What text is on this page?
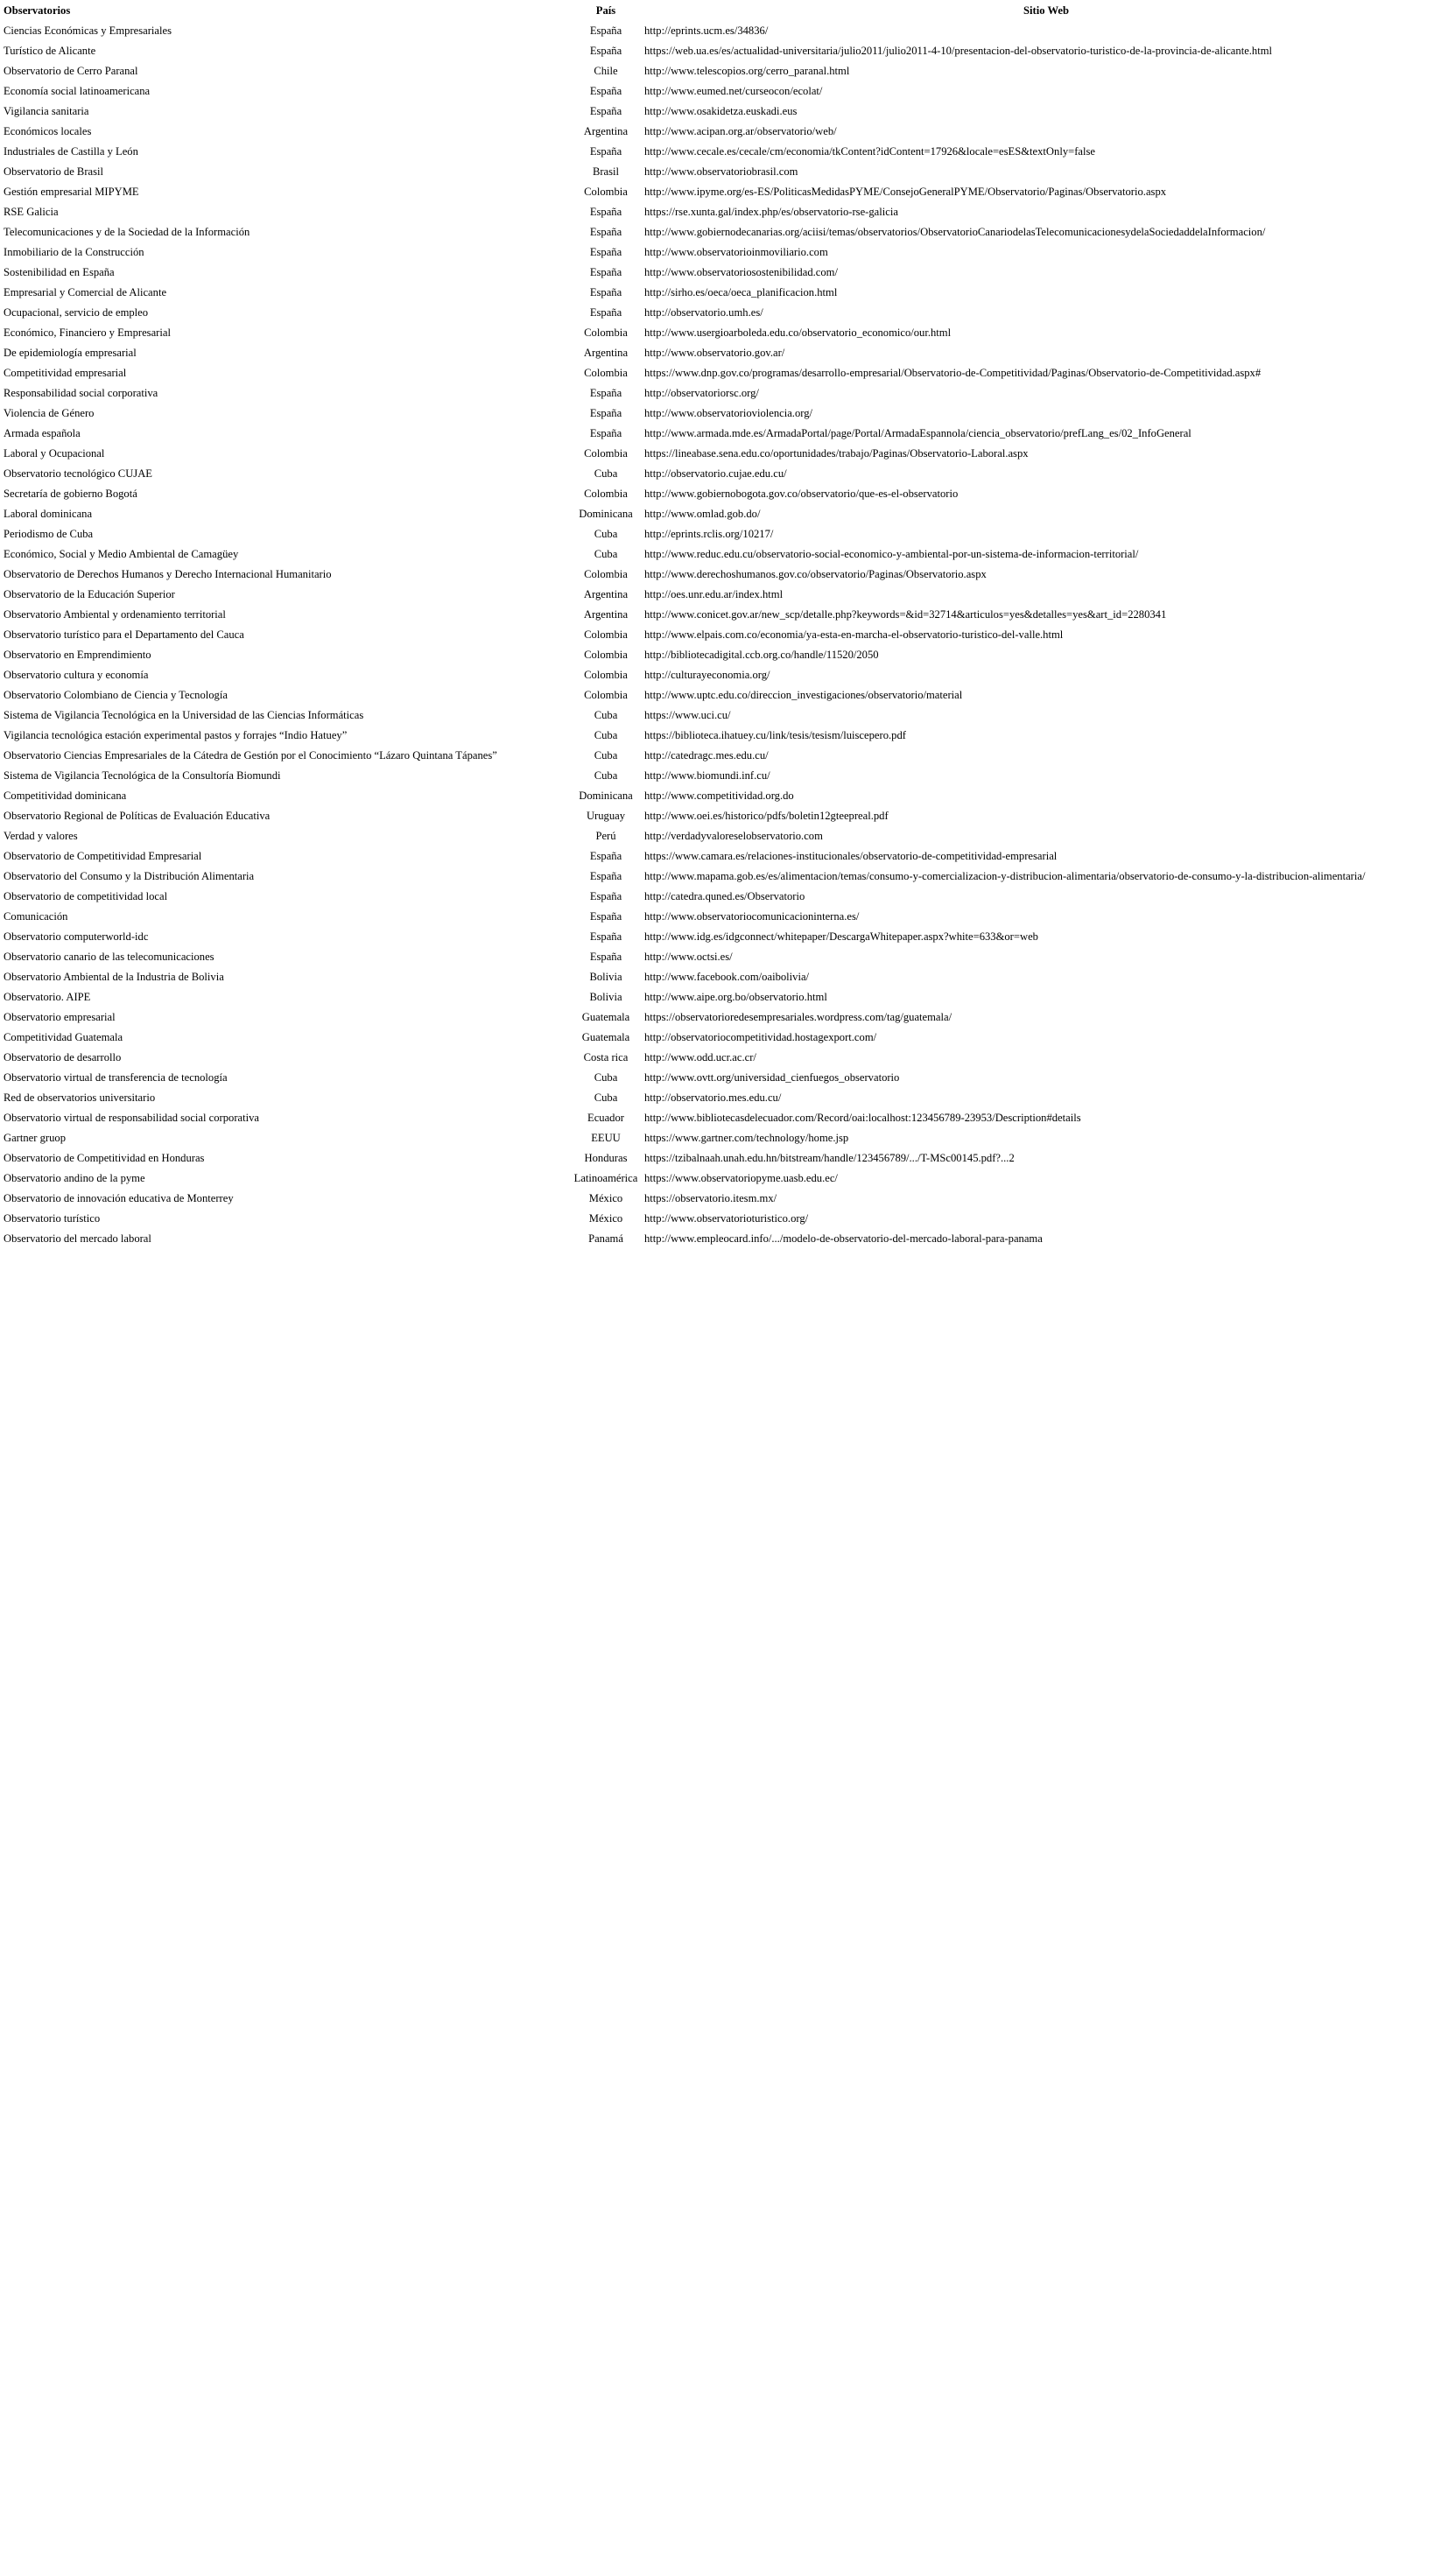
Observatorios	País	Sitio Web
Ciencias Económicas y Empresariales	España	http://eprints.ucm.es/34836/
Turístico de Alicante	España	https://web.ua.es/es/actualidad-universitaria/julio2011/julio2011-4-10/presentacion-del-observatorio-turistico-de-la-provincia-de-alicante.html
Observatorio de Cerro Paranal	Chile	http://www.telescopios.org/cerro_paranal.html
Economía social latinoamericana	España	http://www.eumed.net/curseocon/ecolat/
Vigilancia sanitaria	España	http://www.osakidetza.euskadi.eus
Económicos locales	Argentina	http://www.acipan.org.ar/observatorio/web/
Industriales de Castilla y León	España	http://www.cecale.es/cecale/cm/economia/tkContent?idContent=17926&locale=esES&textOnly=false
Observatorio de Brasil	Brasil	http://www.observatoriobrasil.com
Gestión empresarial MIPYME	Colombia	http://www.ipyme.org/es-ES/PoliticasMedidasPYME/ConsejoGeneralPYME/Observatorio/Paginas/Observatorio.aspx
RSE Galicia	España	https://rse.xunta.gal/index.php/es/observatorio-rse-galicia
Telecomunicaciones y de la Sociedad de la Información	España	http://www.gobiernodecanarias.org/aciisi/temas/observatorios/ObservatorioCanariodelasTelecomunicacionesydelaSociedaddelaInformacion/
Inmobiliario de la Construcción	España	http://www.observatorioinmoviliario.com
Sostenibilidad en España	España	http://www.observatoriosostenibilidad.com/
Empresarial y Comercial de Alicante	España	http://sirho.es/oeca/oeca_planificacion.html
Ocupacional, servicio de empleo	España	http://observatorio.umh.es/
Económico, Financiero y Empresarial	Colombia	http://www.usergioarboleda.edu.co/observatorio_economico/our.html
De epidemiología empresarial	Argentina	http://www.observatorio.gov.ar/
Competitividad empresarial	Colombia	https://www.dnp.gov.co/programas/desarrollo-empresarial/Observatorio-de-Competitividad/Paginas/Observatorio-de-Competitividad.aspx#
Responsabilidad social corporativa	España	http://observatoriorsc.org/
Violencia de Género	España	http://www.observatorioviolencia.org/
Armada española	España	http://www.armada.mde.es/ArmadaPortal/page/Portal/ArmadaEspannola/ciencia_observatorio/prefLang_es/02_InfoGeneral
Laboral y Ocupacional	Colombia	https://lineabase.sena.edu.co/oportunidades/trabajo/Paginas/Observatorio-Laboral.aspx
Observatorio tecnológico CUJAE	Cuba	http://observatorio.cujae.edu.cu/
Secretaría de gobierno Bogotá	Colombia	http://www.gobiernobogota.gov.co/observatorio/que-es-el-observatorio
Laboral dominicana	Dominicana	http://www.omlad.gob.do/
Periodismo de Cuba	Cuba	http://eprints.rclis.org/10217/
Económico, Social y Medio Ambiental de Camagüey	Cuba	http://www.reduc.edu.cu/observatorio-social-economico-y-ambiental-por-un-sistema-de-informacion-territorial/
Observatorio de Derechos Humanos y Derecho Internacional Humanitario	Colombia	http://www.derechoshumanos.gov.co/observatorio/Paginas/Observatorio.aspx
Observatorio de la Educación Superior	Argentina	http://oes.unr.edu.ar/index.html
Observatorio Ambiental y ordenamiento territorial	Argentina	http://www.conicet.gov.ar/new_scp/detalle.php?keywords=&id=32714&articulos=yes&detalles=yes&art_id=2280341
Observatorio turístico para el Departamento del Cauca	Colombia	http://www.elpais.com.co/economia/ya-esta-en-marcha-el-observatorio-turistico-del-valle.html
Observatorio en Emprendimiento	Colombia	http://bibliotecadigital.ccb.org.co/handle/11520/2050
Observatorio cultura y economía	Colombia	http://culturayeconomia.org/
Observatorio Colombiano de Ciencia y Tecnología	Colombia	http://www.uptc.edu.co/direccion_investigaciones/observatorio/material
Sistema de Vigilancia Tecnológica en la Universidad de las Ciencias Informáticas	Cuba	https://www.uci.cu/
Vigilancia tecnológica estación experimental pastos y forrajes “Indio Hatuey”	Cuba	https://biblioteca.ihatuey.cu/link/tesis/tesism/luiscepero.pdf
Observatorio Ciencias Empresariales de la Cátedra de Gestión por el Conocimiento “Lázaro Quintana Tápanes”	Cuba	http://catedragc.mes.edu.cu/
Sistema de Vigilancia Tecnológica de la Consultoría Biomundi	Cuba	http://www.biomundi.inf.cu/
Competitividad dominicana	Dominicana	http://www.competitividad.org.do
Observatorio Regional de Políticas de Evaluación Educativa	Uruguay	http://www.oei.es/historico/pdfs/boletin12gteepreal.pdf
Verdad y valores	Perú	http://verdadyvaloreselobservatorio.com
Observatorio de Competitividad Empresarial	España	https://www.camara.es/relaciones-institucionales/observatorio-de-competitividad-empresarial
Observatorio del Consumo y la Distribución Alimentaria	España	http://www.mapama.gob.es/es/alimentacion/temas/consumo-y-comercializacion-y-distribucion-alimentaria/observatorio-de-consumo-y-la-distribucion-alimentaria/
Observatorio de competitividad local	España	http://catedra.quned.es/Observatorio
Comunicación	España	http://www.observatoriocomunicacioninterna.es/
Observatorio computerworld-idc	España	http://www.idg.es/idgconnect/whitepaper/DescargaWhitepaper.aspx?white=633&or=web
Observatorio canario de las telecomunicaciones	España	http://www.octsi.es/
Observatorio Ambiental de la Industria de Bolivia	Bolivia	http://www.facebook.com/oaibolivia/
Observatorio. AIPE	Bolivia	http://www.aipe.org.bo/observatorio.html
Observatorio empresarial	Guatemala	https://observatorioredesempresariales.wordpress.com/tag/guatemala/
Competitividad Guatemala	Guatemala	http://observatoriocompetitividad.hostagexport.com/
Observatorio de desarrollo	Costa rica	http://www.odd.ucr.ac.cr/
Observatorio virtual de transferencia de tecnología	Cuba	http://www.ovtt.org/universidad_cienfuegos_observatorio
Red de observatorios universitario	Cuba	http://observatorio.mes.edu.cu/
Observatorio virtual de responsabilidad social corporativa	Ecuador	http://www.bibliotecasdelecuador.com/Record/oai:localhost:123456789-23953/Description#details
Gartner gruop	EEUU	https://www.gartner.com/technology/home.jsp
Observatorio de Competitividad en Honduras	Honduras	https://tzibalnaah.unah.edu.hn/bitstream/handle/123456789/.../T-MSc00145.pdf?...2
Observatorio andino de la pyme	Latinoamérica	https://www.observatoriopyme.uasb.edu.ec/
Observatorio de innovación educativa de Monterrey	México	https://observatorio.itesm.mx/
Observatorio turístico	México	http://www.observatorioturistico.org/
Observatorio del mercado laboral	Panamá	http://www.empleocard.info/.../modelo-de-observatorio-del-mercado-laboral-para-panama
